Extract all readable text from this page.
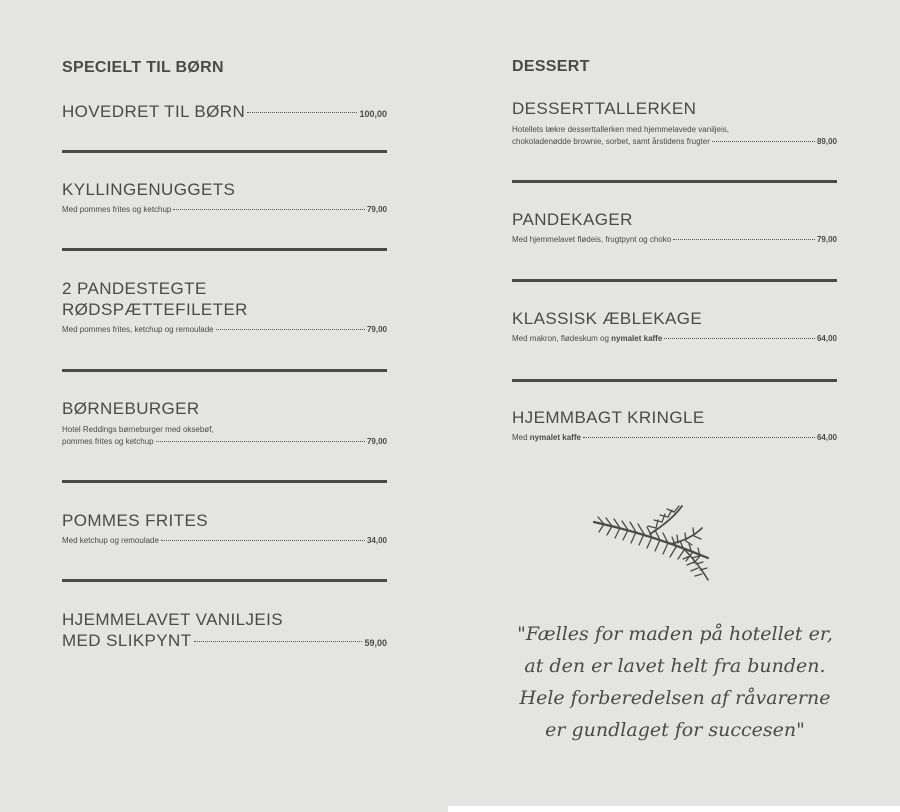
SPECIELT TIL BØRN
HOVEDRET TIL BØRN	100,00
KYLLINGENUGGETS
Med pommes frites og ketchup	79,00
2 PANDESTEGTE
RØDSPÆTTEFILETER
Med pommes frites, ketchup og remoulade	79,00
BØRNEBURGER
Hotel Reddings børneburger med oksebøf,
pommes frites og ketchup	79,00
POMMES FRITES
Med ketchup og remoulade	34,00
HJEMMELAVET VANILJEIS
MED SLIKPYNT	59,00
DESSERT
DESSERTTALLERKEN
Hotellets lækre desserttallerken med hjemmelavede vaniljeis,
chokoladenødde brownie, sorbet, samt årstidens frugter	89,00
PANDEKAGER
Med hjemmelavet flødeis, frugtpynt og choko	79,00
KLASSISK ÆBLEKAGE
Med makron, flødeskum og nymalet kaffe	64,00
HJEMMBAGT KRINGLE
Med nymalet kaffe	64,00
"Fælles for maden på hotellet er,
at den er lavet helt fra bunden.
Hele forberedelsen af råvarerne
er gundlaget for succesen"
